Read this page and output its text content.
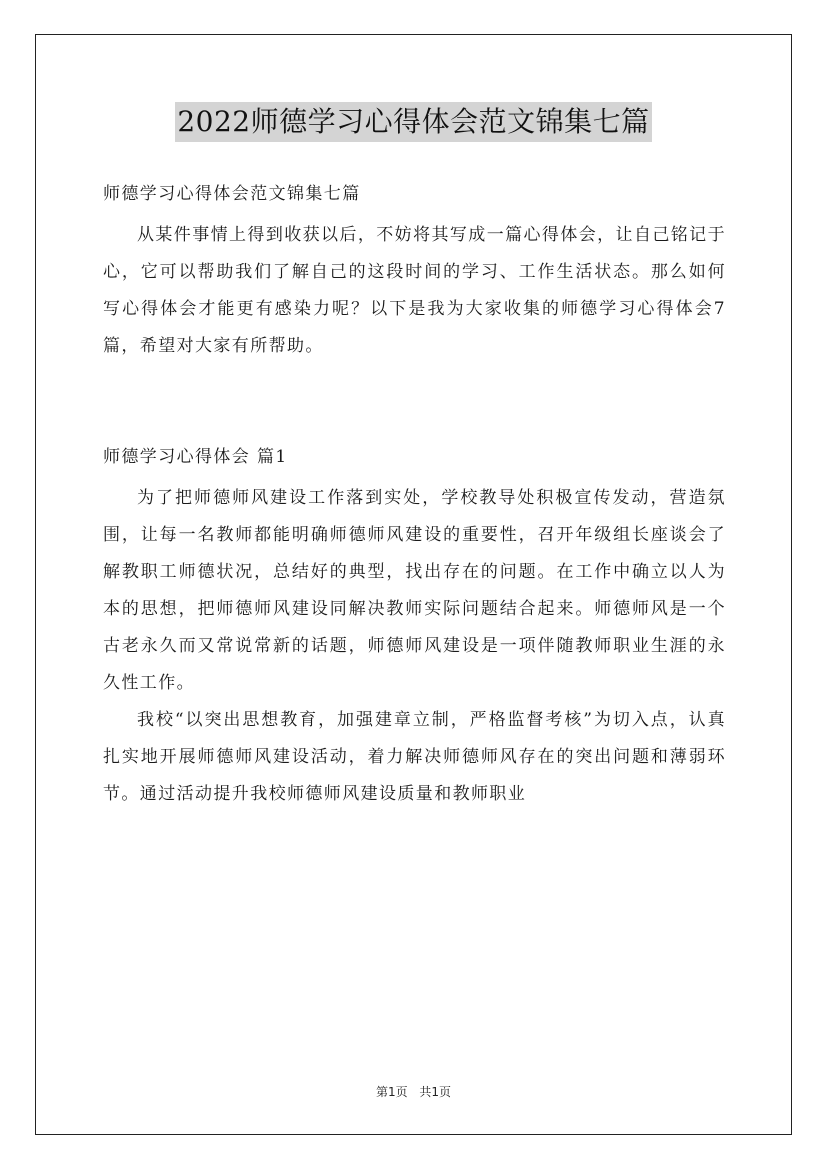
2022师德学习心得体会范文锦集七篇

师德学习心得体会范文锦集七篇

从某件事情上得到收获以后，不妨将其写成一篇心得体会，让自己铭记于心，它可以帮助我们了解自己的这段时间的学习、工作生活状态。那么如何写心得体会才能更有感染力呢？以下是我为大家收集的师德学习心得体会7篇，希望对大家有所帮助。

师德学习心得体会 篇1

为了把师德师风建设工作落到实处，学校教导处积极宣传发动，营造氛围，让每一名教师都能明确师德师风建设的重要性，召开年级组长座谈会了解教职工师德状况，总结好的典型，找出存在的问题。在工作中确立以人为本的思想，把师德师风建设同解决教师实际问题结合起来。师德师风是一个古老永久而又常说常新的话题，师德师风建设是一项伴随教师职业生涯的永久性工作。

我校“以突出思想教育，加强建章立制，严格监督考核”为切入点，认真扎实地开展师德师风建设活动，着力解决师德师风存在的突出问题和薄弱环节。通过活动提升我校师德师风建设质量和教师职业

第1页 共1页
